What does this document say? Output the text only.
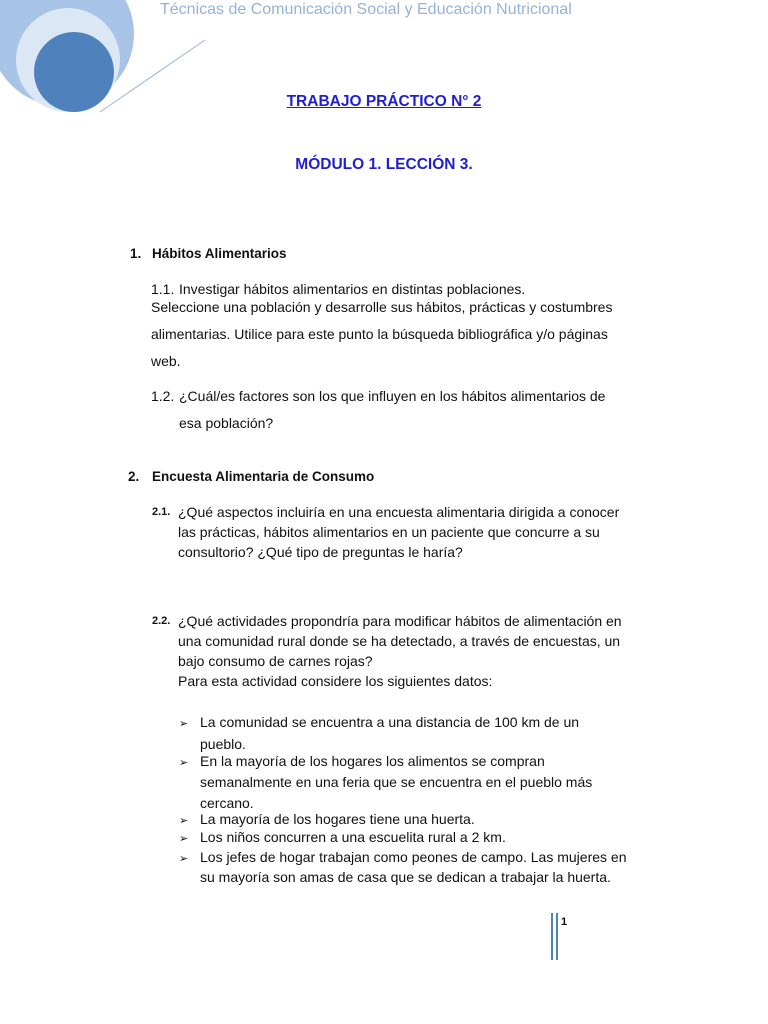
Técnicas de Comunicación Social y Educación Nutricional
TRABAJO PRÁCTICO N° 2
MÓDULO 1. LECCIÓN 3.
1. Hábitos Alimentarios
1.1. Investigar hábitos alimentarios en distintas poblaciones.
Seleccione una población y desarrolle sus hábitos, prácticas y costumbres
alimentarias. Utilice para este punto la búsqueda bibliográfica y/o páginas
web.
1.2. ¿Cuál/es factores son los que influyen en los hábitos alimentarios de
esa población?
2. Encuesta Alimentaria de Consumo
2.1. ¿Qué aspectos incluiría en una encuesta alimentaria dirigida a conocer
las prácticas, hábitos alimentarios en un paciente que concurre a su
consultorio? ¿Qué tipo de preguntas le haría?
2.2. ¿Qué actividades propondría para modificar hábitos de alimentación en
una comunidad rural donde se ha detectado, a través de encuestas, un
bajo consumo de carnes rojas?
Para esta actividad considere los siguientes datos:
➢ La comunidad se encuentra a una distancia de 100 km de un
pueblo.
➢ En la mayoría de los hogares los alimentos se compran
semanalmente en una feria que se encuentra en el pueblo más
cercano.
➢ La mayoría de los hogares tiene una huerta.
➢ Los niños concurren a una escuelita rural a 2 km.
➢ Los jefes de hogar trabajan como peones de campo. Las mujeres en
su mayoría son amas de casa que se dedican a trabajar la huerta.
1
